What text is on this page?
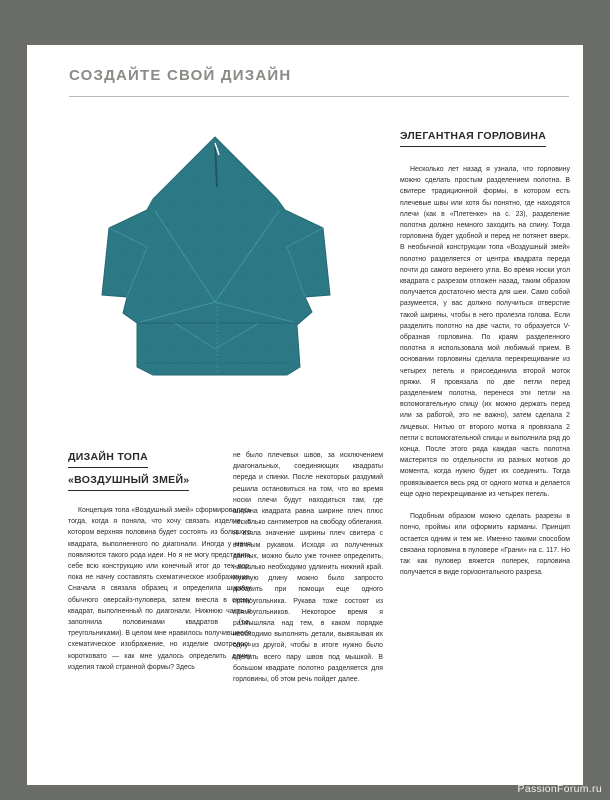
СОЗДАЙТЕ СВОЙ ДИЗАЙН
ДИЗАЙН ТОПА
«ВОЗДУШНЫЙ ЗМЕЙ»

Концепция топа «Воздушный змей» сформировалась тогда, когда я поняла, что хочу связать изделие, в котором верхняя половина будет состоять из большого квадрата, выполненного по диагонали. Иногда у меня появляются такого рода идеи. Но я не могу представить себе всю конструкцию или конечный итог до тех пор, пока не начну составлять схематическое изображение. Сначала я связала образец и определила ширину обычного оверсайз-пуловера, затем внесла в схему квадрат, выполненный по диагонали. Нижнюю часть я заполнила половинками квадратов (т.е. треугольниками). В целом мне нравилось получившееся схематическое изображение, но изделие смотрелось коротковато — как мне удалось определить длину изделия такой странной формы? Здесь

не было плечевых швов, за исключением диагональных, соединяющих квадраты переда и спинки. После некоторых раздумий решила остановиться на том, что во время носки плечи будут находиться там, где ширина квадрата равна ширине плеч плюс несколько сантиметров на свободу облегания. Я взяла значение ширины плеч свитера с втачным рукавом. Исходя из полученных данных, можно было уже точнее определить, насколько необходимо удлинить нижний край. Нужную длину можно было запросто добавить при помощи еще одного прямоугольника. Рукава тоже состоят из прямоугольников. Некоторое время я размышляла над тем, в каком порядке необходимо выполнять детали, вывязывая их одну из другой, чтобы в итоге нужно было сделать всего пару швов под мышкой. В большом квадрате полотно разделяется для горловины, об этом речь пойдет далее.

ЭЛЕГАНТНАЯ ГОРЛОВИНА

Несколько лет назад я узнала, что горловину можно сделать простым разделением полотна. В свитере традиционной формы, в котором есть плечевые швы или хотя бы понятно, где находятся плечи (как в «Плетенке» на с. 23), разделение полотна должно немного заходить на спину. Тогда горловина будет удобной и перед не потянет вверх. В необычной конструкции топа «Воздушный змей» полотно разделяется от центра квадрата переда почти до самого верхнего угла. Во время носки угол квадрата с разрезом отложен назад, таким образом получается достаточно места для шеи. Само собой разумеется, у вас должно получиться отверстие такой ширины, чтобы в него пролезла голова. Если разделить полотно на две части, то образуется V-образная горловина. По краям разделенного полотна я использовала мой любимый прием. В основании горловины сделала перекрещивание из четырех петель и присоединила второй моток пряжи. Я провязала по две петли перед разделением полотна, перенеся эти петли на вспомогательную спицу (их можно держать перед или за работой, это не важно), затем сделала 2 лицевых. Нитью от второго мотка я провязала 2 петли с вспомогательной спицы и выполнила ряд до конца. После этого ряда каждая часть полотна мастерится по отдельности из разных мотков до момента, когда нужно будет их соединить. Тогда провязывается весь ряд от одного мотка и делается еще одно перекрещивание из четырех петель.

Подобным образом можно сделать разрезы в пончо, проймы или оформить карманы. Принцип остается одним и тем же. Именно такими способом связана горловина в пуловере «Грани» на с. 117. Но так как пуловер вяжется поперек, горловина получается в виде горизонтального разреза.

PassionForum.ru
